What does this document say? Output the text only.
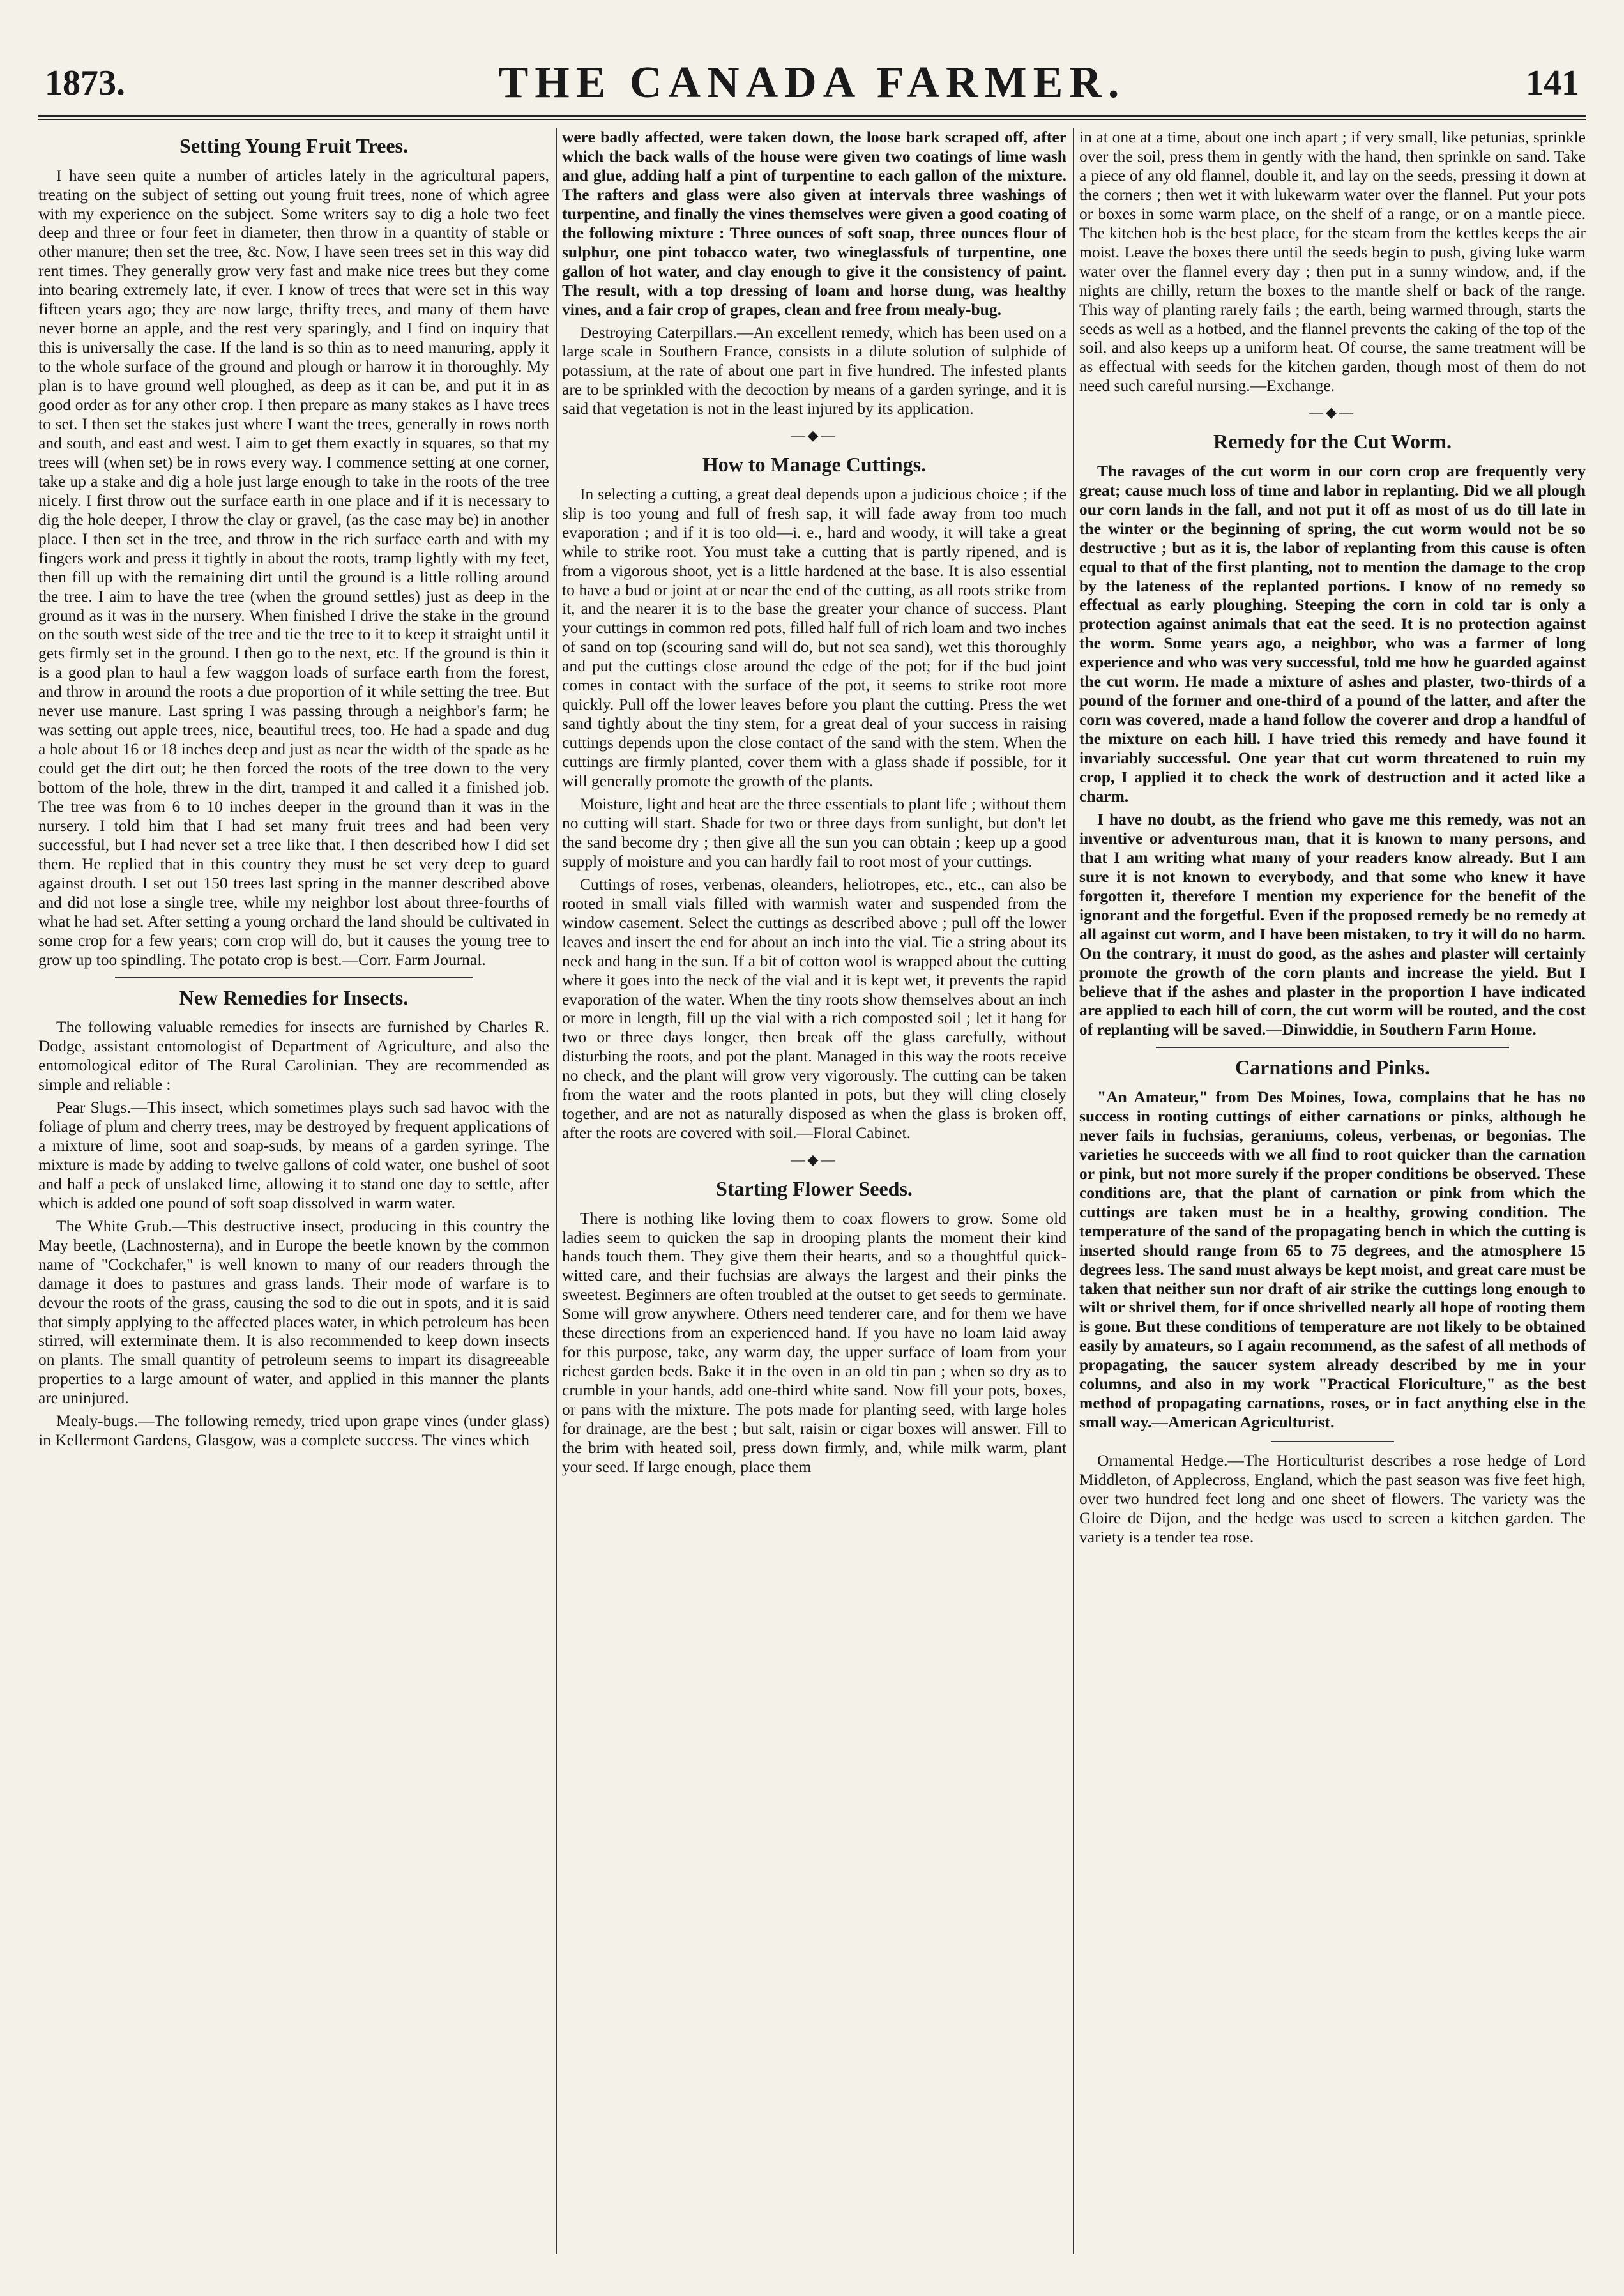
1873.	THE CANADA FARMER.	141
Setting Young Fruit Trees.

I have seen quite a number of articles lately in the agricultural papers, treating on the subject of setting out young fruit trees, none of which agree with my experience on the subject. Some writers say to dig a hole two feet deep and three or four feet in diameter, then throw in a quantity of stable or other manure; then set the tree, &c. Now, I have seen trees set in this way did rent times. They generally grow very fast and make nice trees but they come into bearing extremely late, if ever. I know of trees that were set in this way fifteen years ago; they are now large, thrifty trees, and many of them have never borne an apple, and the rest very sparingly, and I find on inquiry that this is universally the case. If the land is so thin as to need manuring, apply it to the whole surface of the ground and plough or harrow it in thoroughly. My plan is to have ground well ploughed, as deep as it can be, and put it in as good order as for any other crop. I then prepare as many stakes as I have trees to set. I then set the stakes just where I want the trees, generally in rows north and south, and east and west. I aim to get them exactly in squares, so that my trees will (when set) be in rows every way. I commence setting at one corner, take up a stake and dig a hole just large enough to take in the roots of the tree nicely. I first throw out the surface earth in one place and if it is necessary to dig the hole deeper, I throw the clay or gravel, (as the case may be) in another place. I then set in the tree, and throw in the rich surface earth and with my fingers work and press it tightly in about the roots, tramp lightly with my feet, then fill up with the remaining dirt until the ground is a little rolling around the tree. I aim to have the tree (when the ground settles) just as deep in the ground as it was in the nursery. When finished I drive the stake in the ground on the south west side of the tree and tie the tree to it to keep it straight until it gets firmly set in the ground. I then go to the next, etc. If the ground is thin it is a good plan to haul a few waggon loads of surface earth from the forest, and throw in around the roots a due proportion of it while setting the tree. But never use manure. Last spring I was passing through a neighbor's farm; he was setting out apple trees, nice, beautiful trees, too. He had a spade and dug a hole about 16 or 18 inches deep and just as near the width of the spade as he could get the dirt out; he then forced the roots of the tree down to the very bottom of the hole, threw in the dirt, tramped it and called it a finished job. The tree was from 6 to 10 inches deeper in the ground than it was in the nursery. I told him that I had set many fruit trees and had been very successful, but I had never set a tree like that. I then described how I did set them. He replied that in this country they must be set very deep to guard against drouth. I set out 150 trees last spring in the manner described above and did not lose a single tree, while my neighbor lost about three-fourths of what he had set. After setting a young orchard the land should be cultivated in some crop for a few years; corn crop will do, but it causes the young tree to grow up too spindling. The potato crop is best.—Corr. Farm Journal.

New Remedies for Insects.

The following valuable remedies for insects are furnished by Charles R. Dodge, assistant entomologist of Department of Agriculture, and also the entomological editor of The Rural Carolinian. They are recommended as simple and reliable :

Pear Slugs.—This insect, which sometimes plays such sad havoc with the foliage of plum and cherry trees, may be destroyed by frequent applications of a mixture of lime, soot and soap-suds, by means of a garden syringe. The mixture is made by adding to twelve gallons of cold water, one bushel of soot and half a peck of unslaked lime, allowing it to stand one day to settle, after which is added one pound of soft soap dissolved in warm water.

The White Grub.—This destructive insect, producing in this country the May beetle, (Lachnosterna), and in Europe the beetle known by the common name of "Cockchafer," is well known to many of our readers through the damage it does to pastures and grass lands. Their mode of warfare is to devour the roots of the grass, causing the sod to die out in spots, and it is said that simply applying to the affected places water, in which petroleum has been stirred, will exterminate them. It is also recommended to keep down insects on plants. The small quantity of petroleum seems to impart its disagreeable properties to a large amount of water, and applied in this manner the plants are uninjured.

Mealy-bugs.—The following remedy, tried upon grape vines (under glass) in Kellermont Gardens, Glasgow, was a complete success. The vines which

were badly affected, were taken down, the loose bark scraped off, after which the back walls of the house were given two coatings of lime wash and glue, adding half a pint of turpentine to each gallon of the mixture. The rafters and glass were also given at intervals three washings of turpentine, and finally the vines themselves were given a good coating of the following mixture : Three ounces of soft soap, three ounces flour of sulphur, one pint tobacco water, two wineglassfuls of turpentine, one gallon of hot water, and clay enough to give it the consistency of paint. The result, with a top dressing of loam and horse dung, was healthy vines, and a fair crop of grapes, clean and free from mealy-bug.

Destroying Caterpillars.—An excellent remedy, which has been used on a large scale in Southern France, consists in a dilute solution of sulphide of potassium, at the rate of about one part in five hundred. The infested plants are to be sprinkled with the decoction by means of a garden syringe, and it is said that vegetation is not in the least injured by its application.

—◆—
How to Manage Cuttings.

In selecting a cutting, a great deal depends upon a judicious choice ; if the slip is too young and full of fresh sap, it will fade away from too much evaporation ; and if it is too old—i. e., hard and woody, it will take a great while to strike root. You must take a cutting that is partly ripened, and is from a vigorous shoot, yet is a little hardened at the base. It is also essential to have a bud or joint at or near the end of the cutting, as all roots strike from it, and the nearer it is to the base the greater your chance of success. Plant your cuttings in common red pots, filled half full of rich loam and two inches of sand on top (scouring sand will do, but not sea sand), wet this thoroughly and put the cuttings close around the edge of the pot; for if the bud joint comes in contact with the surface of the pot, it seems to strike root more quickly. Pull off the lower leaves before you plant the cutting. Press the wet sand tightly about the tiny stem, for a great deal of your success in raising cuttings depends upon the close contact of the sand with the stem. When the cuttings are firmly planted, cover them with a glass shade if possible, for it will generally promote the growth of the plants.

Moisture, light and heat are the three essentials to plant life ; without them no cutting will start. Shade for two or three days from sunlight, but don't let the sand become dry ; then give all the sun you can obtain ; keep up a good supply of moisture and you can hardly fail to root most of your cuttings.

Cuttings of roses, verbenas, oleanders, heliotropes, etc., etc., can also be rooted in small vials filled with warmish water and suspended from the window casement. Select the cuttings as described above ; pull off the lower leaves and insert the end for about an inch into the vial. Tie a string about its neck and hang in the sun. If a bit of cotton wool is wrapped about the cutting where it goes into the neck of the vial and it is kept wet, it prevents the rapid evaporation of the water. When the tiny roots show themselves about an inch or more in length, fill up the vial with a rich composted soil ; let it hang for two or three days longer, then break off the glass carefully, without disturbing the roots, and pot the plant. Managed in this way the roots receive no check, and the plant will grow very vigorously. The cutting can be taken from the water and the roots planted in pots, but they will cling closely together, and are not as naturally disposed as when the glass is broken off, after the roots are covered with soil.—Floral Cabinet.

—◆—
Starting Flower Seeds.

There is nothing like loving them to coax flowers to grow. Some old ladies seem to quicken the sap in drooping plants the moment their kind hands touch them. They give them their hearts, and so a thoughtful quick-witted care, and their fuchsias are always the largest and their pinks the sweetest. Beginners are often troubled at the outset to get seeds to germinate. Some will grow anywhere. Others need tenderer care, and for them we have these directions from an experienced hand. If you have no loam laid away for this purpose, take, any warm day, the upper surface of loam from your richest garden beds. Bake it in the oven in an old tin pan ; when so dry as to crumble in your hands, add one-third white sand. Now fill your pots, boxes, or pans with the mixture. The pots made for planting seed, with large holes for drainage, are the best ; but salt, raisin or cigar boxes will answer. Fill to the brim with heated soil, press down firmly, and, while milk warm, plant your seed. If large enough, place them

in at one at a time, about one inch apart ; if very small, like petunias, sprinkle over the soil, press them in gently with the hand, then sprinkle on sand. Take a piece of any old flannel, double it, and lay on the seeds, pressing it down at the corners ; then wet it with lukewarm water over the flannel. Put your pots or boxes in some warm place, on the shelf of a range, or on a mantle piece. The kitchen hob is the best place, for the steam from the kettles keeps the air moist. Leave the boxes there until the seeds begin to push, giving luke warm water over the flannel every day ; then put in a sunny window, and, if the nights are chilly, return the boxes to the mantle shelf or back of the range. This way of planting rarely fails ; the earth, being warmed through, starts the seeds as well as a hotbed, and the flannel prevents the caking of the top of the soil, and also keeps up a uniform heat. Of course, the same treatment will be as effectual with seeds for the kitchen garden, though most of them do not need such careful nursing.—Exchange.

—◆—
Remedy for the Cut Worm.

The ravages of the cut worm in our corn crop are frequently very great; cause much loss of time and labor in replanting. Did we all plough our corn lands in the fall, and not put it off as most of us do till late in the winter or the beginning of spring, the cut worm would not be so destructive ; but as it is, the labor of replanting from this cause is often equal to that of the first planting, not to mention the damage to the crop by the lateness of the replanted portions. I know of no remedy so effectual as early ploughing. Steeping the corn in cold tar is only a protection against animals that eat the seed. It is no protection against the worm. Some years ago, a neighbor, who was a farmer of long experience and who was very successful, told me how he guarded against the cut worm. He made a mixture of ashes and plaster, two-thirds of a pound of the former and one-third of a pound of the latter, and after the corn was covered, made a hand follow the coverer and drop a handful of the mixture on each hill. I have tried this remedy and have found it invariably successful. One year that cut worm threatened to ruin my crop, I applied it to check the work of destruction and it acted like a charm.

I have no doubt, as the friend who gave me this remedy, was not an inventive or adventurous man, that it is known to many persons, and that I am writing what many of your readers know already. But I am sure it is not known to everybody, and that some who knew it have forgotten it, therefore I mention my experience for the benefit of the ignorant and the forgetful. Even if the proposed remedy be no remedy at all against cut worm, and I have been mistaken, to try it will do no harm. On the contrary, it must do good, as the ashes and plaster will certainly promote the growth of the corn plants and increase the yield. But I believe that if the ashes and plaster in the proportion I have indicated are applied to each hill of corn, the cut worm will be routed, and the cost of replanting will be saved.—Dinwiddie, in Southern Farm Home.

Carnations and Pinks.

"An Amateur," from Des Moines, Iowa, complains that he has no success in rooting cuttings of either carnations or pinks, although he never fails in fuchsias, geraniums, coleus, verbenas, or begonias. The varieties he succeeds with we all find to root quicker than the carnation or pink, but not more surely if the proper conditions be observed. These conditions are, that the plant of carnation or pink from which the cuttings are taken must be in a healthy, growing condition. The temperature of the sand of the propagating bench in which the cutting is inserted should range from 65 to 75 degrees, and the atmosphere 15 degrees less. The sand must always be kept moist, and great care must be taken that neither sun nor draft of air strike the cuttings long enough to wilt or shrivel them, for if once shrivelled nearly all hope of rooting them is gone. But these conditions of temperature are not likely to be obtained easily by amateurs, so I again recommend, as the safest of all methods of propagating, the saucer system already described by me in your columns, and also in my work "Practical Floriculture," as the best method of propagating carnations, roses, or in fact anything else in the small way.—American Agriculturist.

Ornamental Hedge.—The Horticulturist describes a rose hedge of Lord Middleton, of Applecross, England, which the past season was five feet high, over two hundred feet long and one sheet of flowers. The variety was the Gloire de Dijon, and the hedge was used to screen a kitchen garden. The variety is a tender tea rose.
